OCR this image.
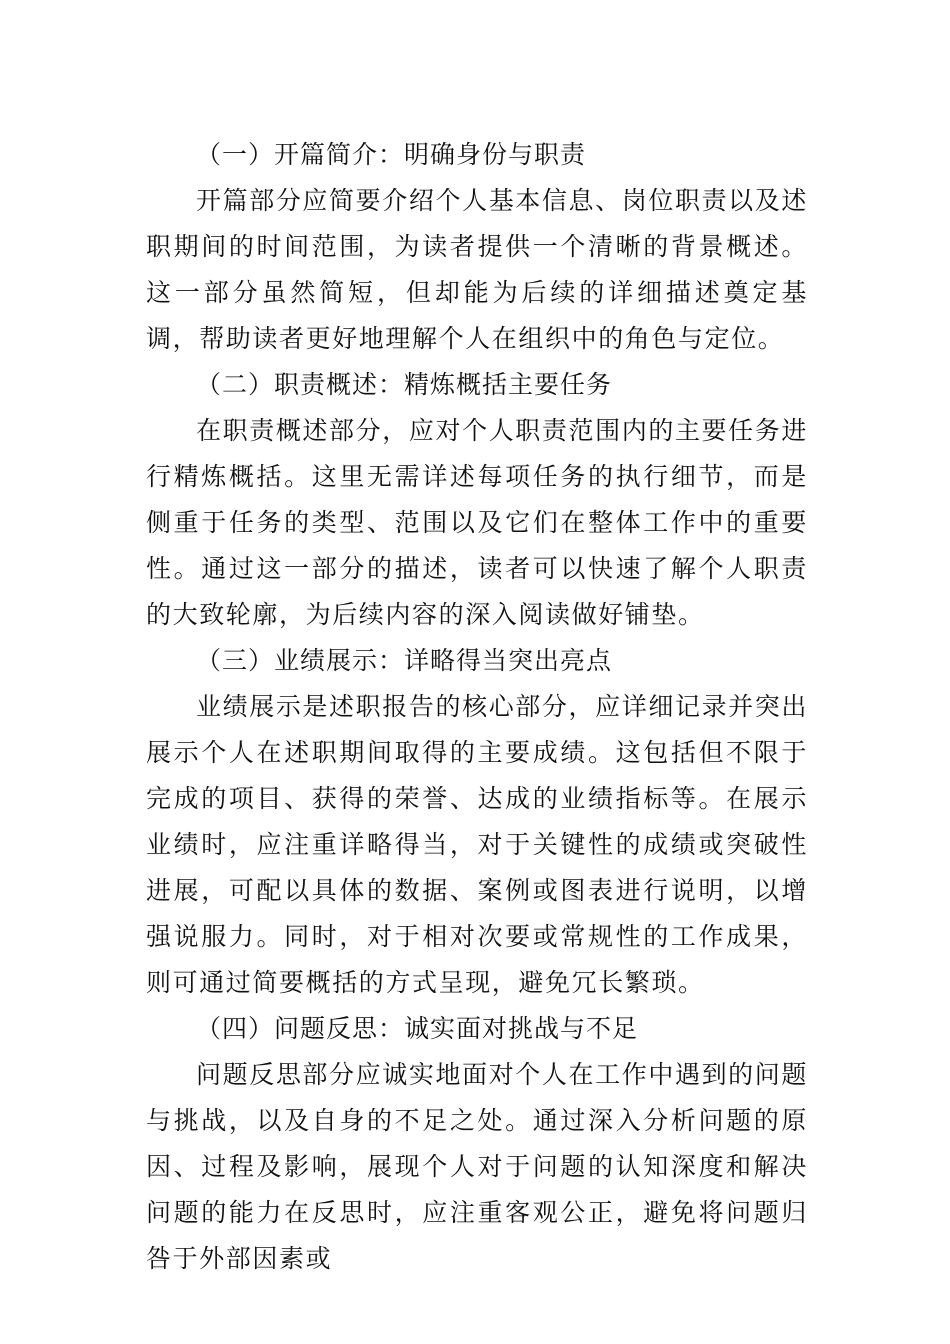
（一）开篇简介：明确身份与职责

开篇部分应简要介绍个人基本信息、岗位职责以及述职期间的时间范围，为读者提供一个清晰的背景概述。这一部分虽然简短，但却能为后续的详细描述奠定基调，帮助读者更好地理解个人在组织中的角色与定位。

（二）职责概述：精炼概括主要任务

在职责概述部分，应对个人职责范围内的主要任务进行精炼概括。这里无需详述每项任务的执行细节，而是侧重于任务的类型、范围以及它们在整体工作中的重要性。通过这一部分的描述，读者可以快速了解个人职责的大致轮廓，为后续内容的深入阅读做好铺垫。

（三）业绩展示：详略得当突出亮点

业绩展示是述职报告的核心部分，应详细记录并突出展示个人在述职期间取得的主要成绩。这包括但不限于完成的项目、获得的荣誉、达成的业绩指标等。在展示业绩时，应注重详略得当，对于关键性的成绩或突破性进展，可配以具体的数据、案例或图表进行说明，以增强说服力。同时，对于相对次要或常规性的工作成果，则可通过简要概括的方式呈现，避免冗长繁琐。

（四）问题反思：诚实面对挑战与不足

问题反思部分应诚实地面对个人在工作中遇到的问题与挑战，以及自身的不足之处。通过深入分析问题的原因、过程及影响，展现个人对于问题的认知深度和解决问题的能力在反思时，应注重客观公正，避免将问题归咎于外部因素或
